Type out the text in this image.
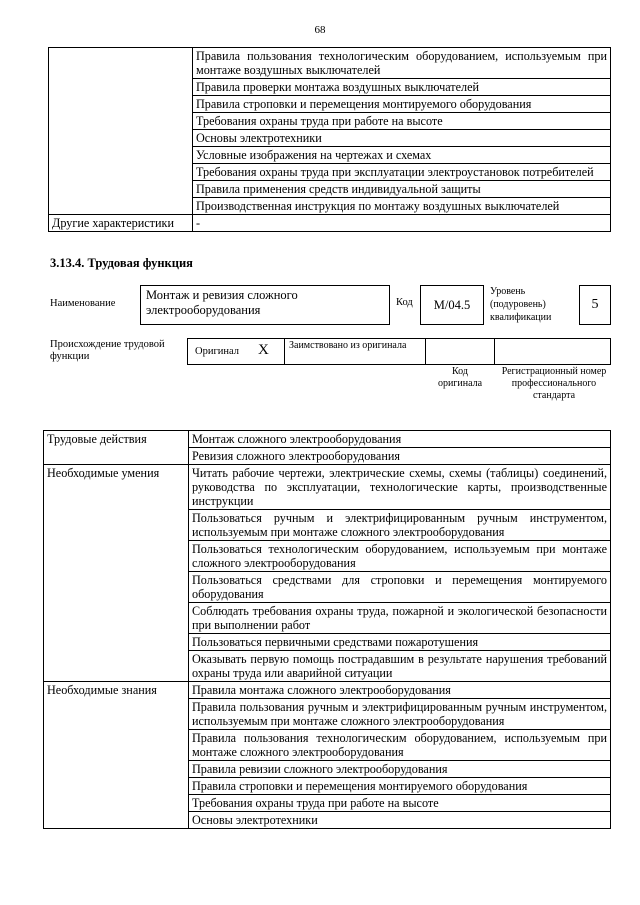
68
	Правила пользования технологическим оборудованием, используемым при монтаже воздушных выключателей
	Правила проверки монтажа воздушных выключателей
	Правила строповки и перемещения монтируемого оборудования
	Требования охраны труда при работе на высоте
	Основы электротехники
	Условные изображения на чертежах и схемах
	Требования охраны труда при эксплуатации электроустановок потребителей
	Правила применения средств индивидуальной защиты
	Производственная инструкция по монтажу воздушных выключателей
Другие характеристики	-
3.13.4. Трудовая функция
Наименование
Монтаж и ревизия сложного электрооборудования
Код	M/04.5
Уровень (подуровень) квалификации
5
Происхождение трудовой функции	Оригинал X Заимствовано из оригинала
Код оригинала
Регистрационный номер профессионального стандарта
Трудовые действия	Монтаж сложного электрооборудования
	Ревизия сложного электрооборудования
Необходимые умения	Читать рабочие чертежи, электрические схемы, схемы (таблицы) соединений, руководства по эксплуатации, технологические карты, производственные инструкции
	Пользоваться ручным и электрифицированным ручным инструментом, используемым при монтаже сложного электрооборудования
	Пользоваться технологическим оборудованием, используемым при монтаже сложного электрооборудования
	Пользоваться средствами для строповки и перемещения монтируемого оборудования
	Соблюдать требования охраны труда, пожарной и экологической безопасности при выполнении работ
	Пользоваться первичными средствами пожаротушения
	Оказывать первую помощь пострадавшим в результате нарушения требований охраны труда или аварийной ситуации
Необходимые знания	Правила монтажа сложного электрооборудования
	Правила пользования ручным и электрифицированным ручным инструментом, используемым при монтаже сложного электрооборудования
	Правила пользования технологическим оборудованием, используемым при монтаже сложного электрооборудования
	Правила ревизии сложного электрооборудования
	Правила строповки и перемещения монтируемого оборудования
	Требования охраны труда при работе на высоте
	Основы электротехники
